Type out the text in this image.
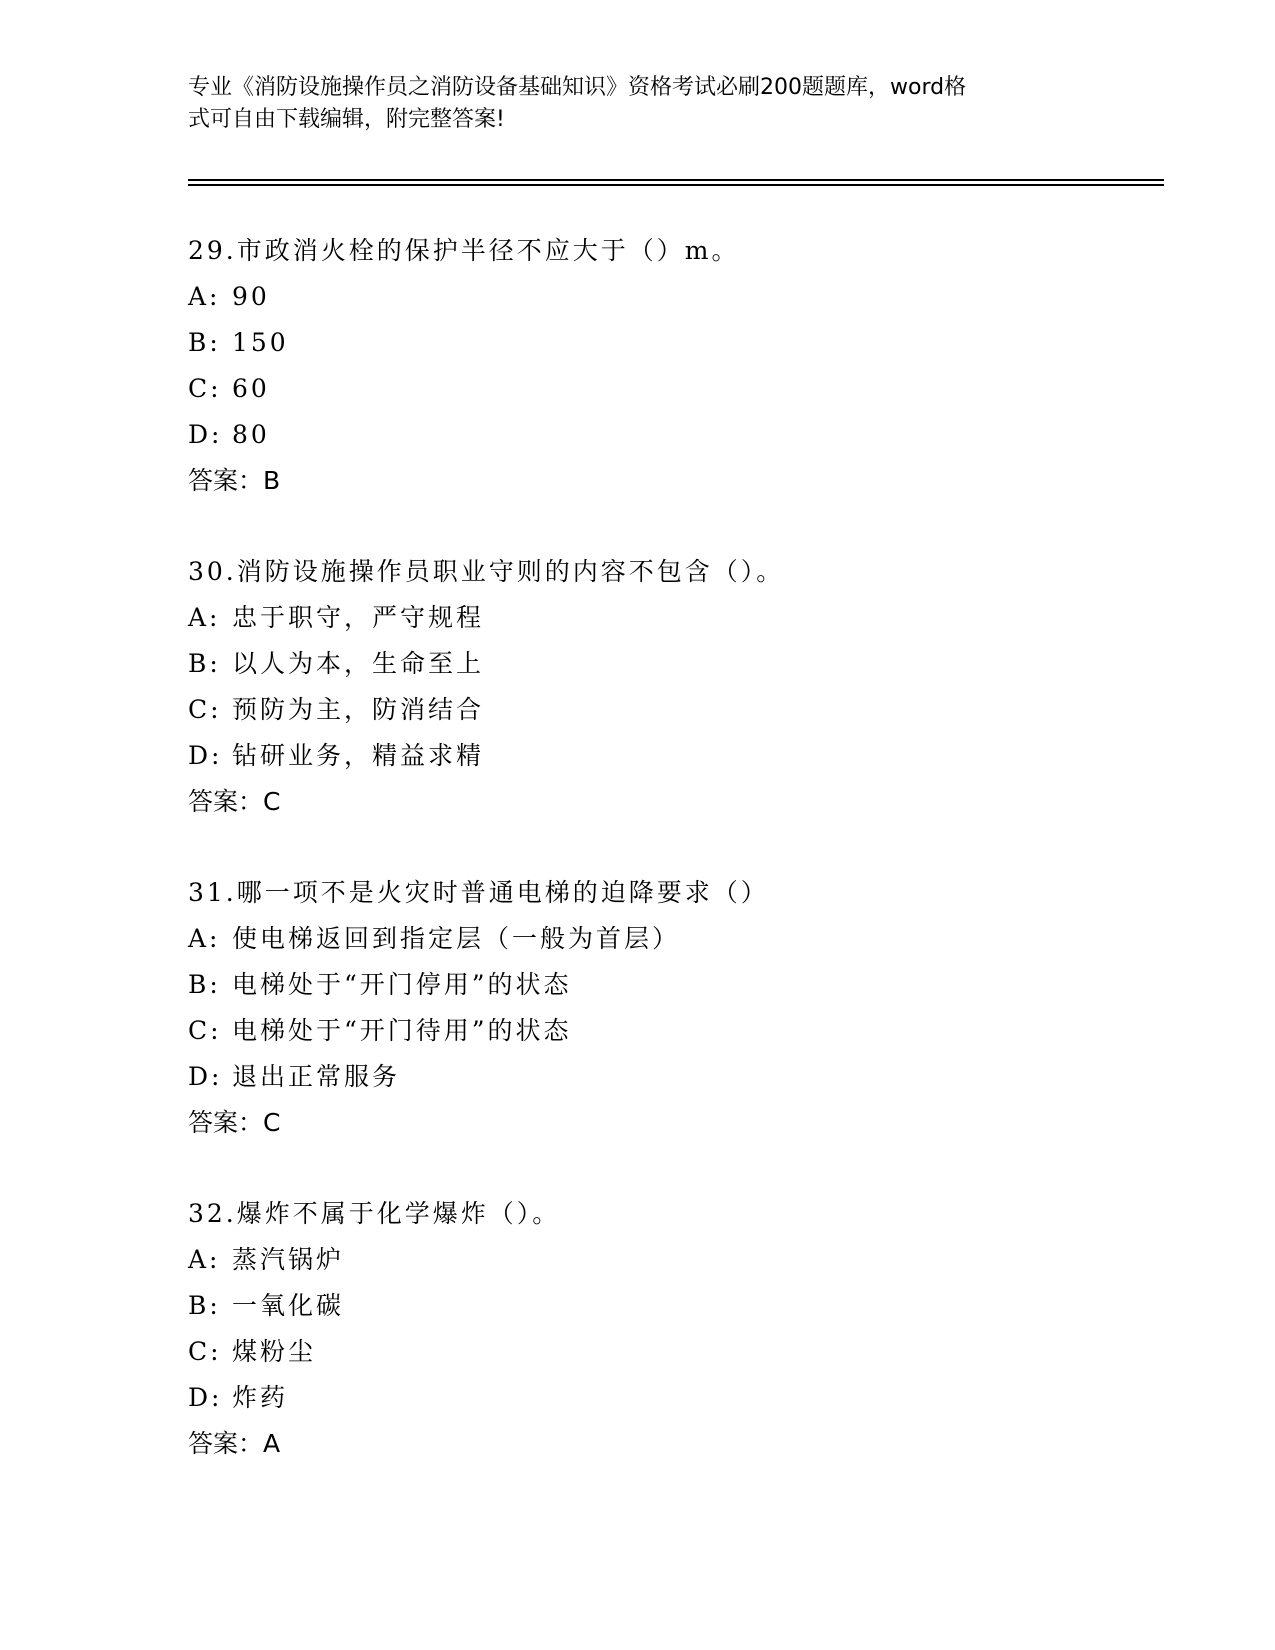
专业《消防设施操作员之消防设备基础知识》资格考试必刷200题题库，word格
式可自由下载编辑，附完整答案!
29.市政消火栓的保护半径不应大于（）m。
A: 90
B: 150
C: 60
D: 80
答案：B
30.消防设施操作员职业守则的内容不包含（）。
A: 忠于职守，严守规程
B: 以人为本，生命至上
C: 预防为主，防消结合
D: 钻研业务，精益求精
答案：C
31.哪一项不是火灾时普通电梯的迫降要求（）
A: 使电梯返回到指定层（一般为首层）
B: 电梯处于“开门停用”的状态
C: 电梯处于“开门待用”的状态
D: 退出正常服务
答案：C
32.爆炸不属于化学爆炸（）。
A: 蒸汽锅炉
B: 一氧化碳
C: 煤粉尘
D: 炸药
答案：A
